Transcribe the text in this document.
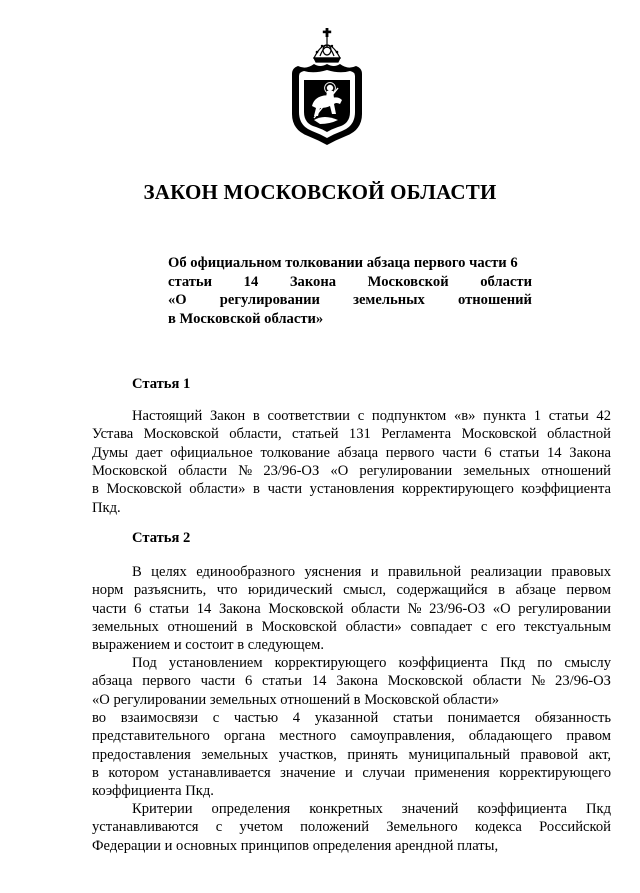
ЗАКОН МОСКОВСКОЙ ОБЛАСТИ
Об официальном толковании абзаца первого части 6
статьи 14 Закона Московской области
«О регулировании земельных отношений
в Московской области»
Статья 1
Настоящий Закон в соответствии с подпунктом «в» пункта 1 статьи 42
Устава Московской области, статьей 131 Регламента Московской областной
Думы дает официальное толкование абзаца первого части 6 статьи 14 Закона
Московской области № 23/96-ОЗ «О регулировании земельных отношений
в Московской области» в части установления корректирующего коэффициента
Пкд.
Статья 2
В целях единообразного уяснения и правильной реализации правовых
норм разъяснить, что юридический смысл, содержащийся в абзаце первом
части 6 статьи 14 Закона Московской области № 23/96-ОЗ «О регулировании
земельных отношений в Московской области» совпадает с его текстуальным
выражением и состоит в следующем.
Под установлением корректирующего коэффициента Пкд по смыслу
абзаца первого части 6 статьи 14 Закона Московской области № 23/96-ОЗ
«О регулировании земельных отношений в Московской области»
во взаимосвязи с частью 4 указанной статьи понимается обязанность
представительного органа местного самоуправления, обладающего правом
предоставления земельных участков, принять муниципальный правовой акт,
в котором устанавливается значение и случаи применения корректирующего
коэффициента Пкд.
Критерии определения конкретных значений коэффициента Пкд
устанавливаются с учетом положений Земельного кодекса Российской
Федерации и основных принципов определения арендной платы,
